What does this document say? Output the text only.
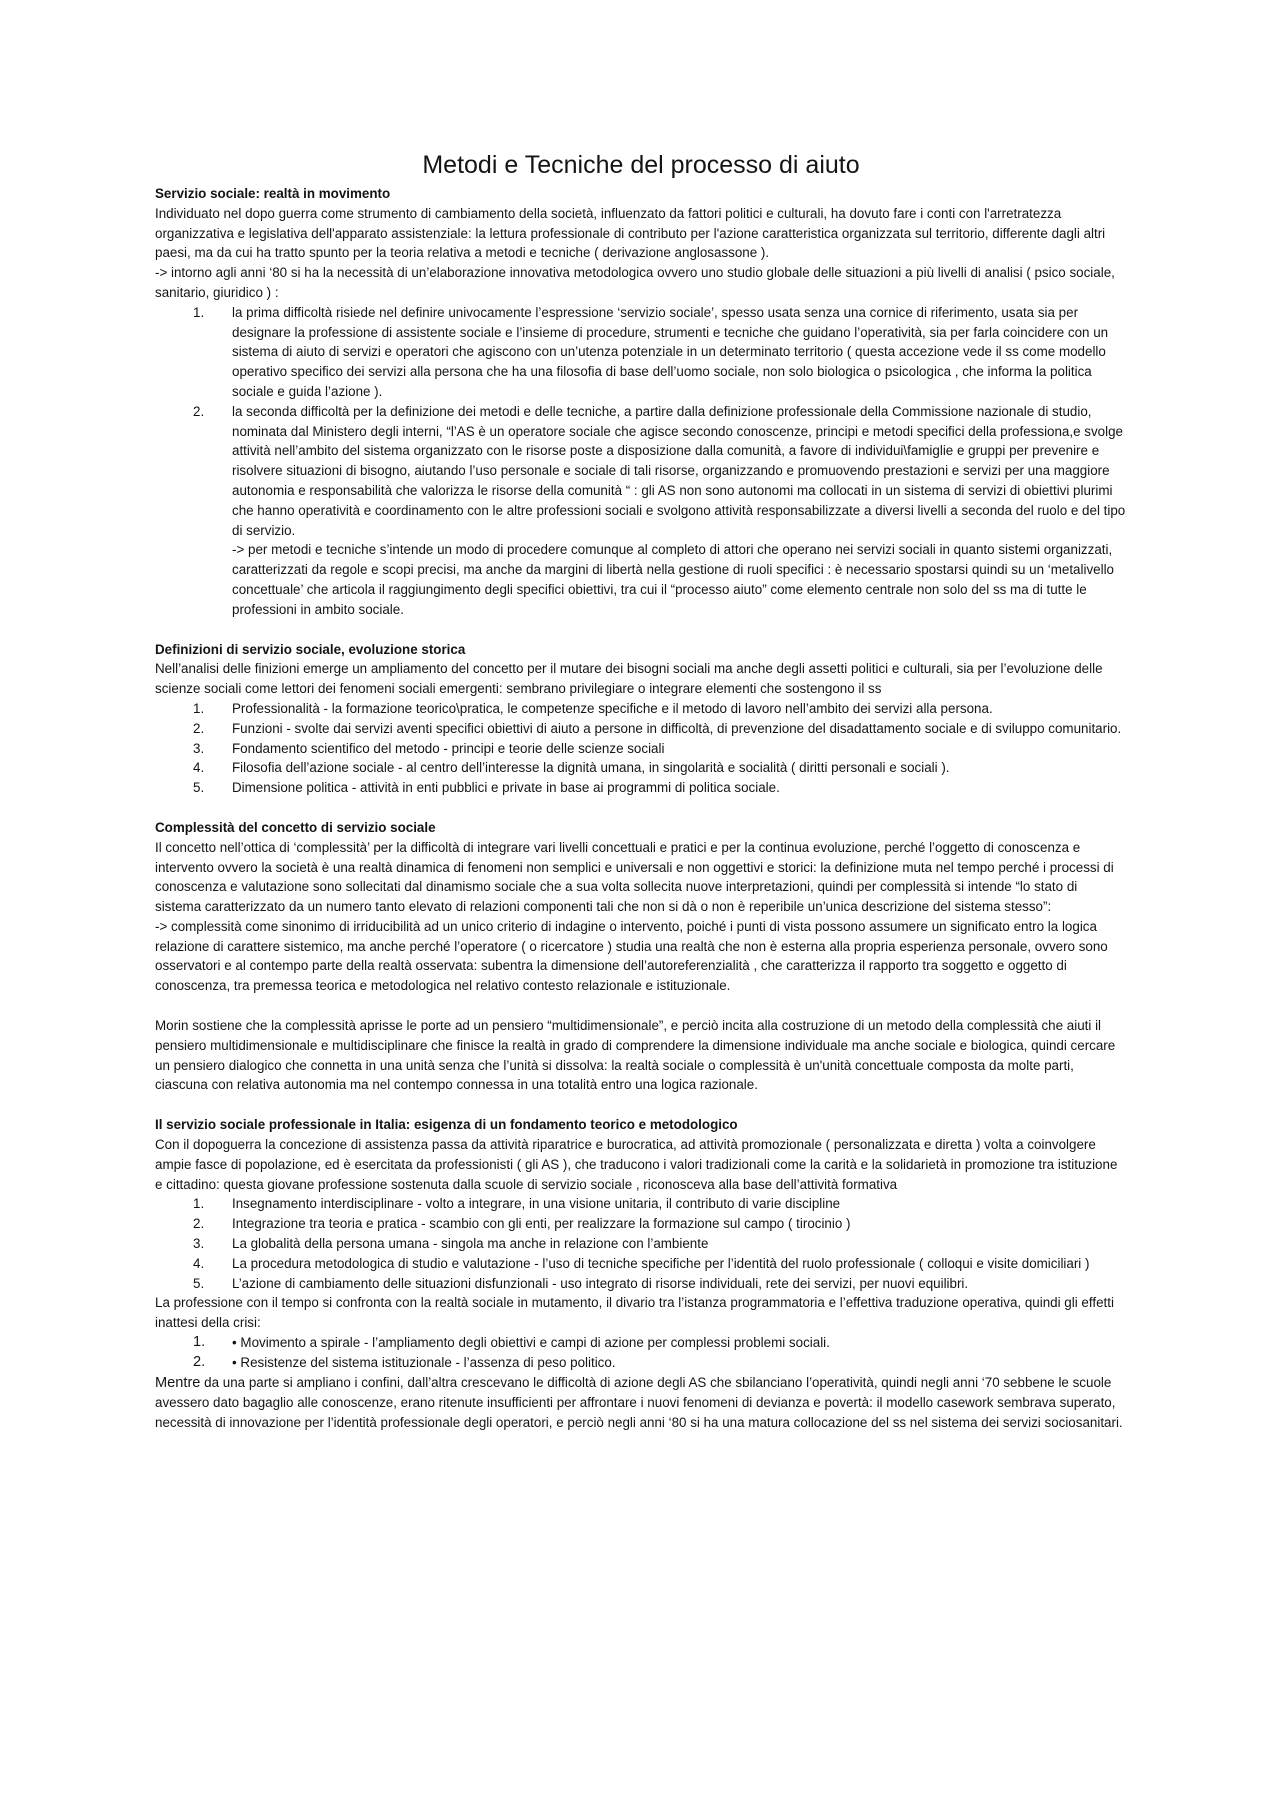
Metodi e Tecniche del processo di aiuto

Servizio sociale: realtà in movimento

Individuato nel dopo guerra come strumento di cambiamento della società, influenzato da fattori politici e culturali, ha dovuto fare i conti con l'arretratezza organizzativa e legislativa dell'apparato assistenziale: la lettura professionale di contributo per l'azione caratteristica organizzata sul territorio, differente dagli altri paesi, ma da cui ha tratto spunto per la teoria relativa a metodi e tecniche ( derivazione anglosassone ).

-> intorno agli anni ‘80 si ha la necessità di un’elaborazione innovativa metodologica ovvero uno studio globale delle situazioni a più livelli di analisi ( psico sociale, sanitario, giuridico ) :

1.	la prima difficoltà risiede nel definire univocamente l’espressione ‘servizio sociale’, spesso usata senza una cornice di riferimento, usata sia per designare la professione di assistente sociale e l’insieme di procedure, strumenti e tecniche che guidano l’operatività, sia per farla coincidere con un sistema di aiuto di servizi e operatori che agiscono con un’utenza potenziale in un determinato territorio ( questa accezione vede il ss come modello operativo specifico dei servizi alla persona che ha una filosofia di base dell’uomo sociale, non solo biologica o psicologica , che informa la politica sociale e guida l’azione ).
2.	la seconda difficoltà per la definizione dei metodi e delle tecniche, a partire dalla definizione professionale della Commissione nazionale di studio, nominata dal Ministero degli interni, “l’AS è un operatore sociale che agisce secondo conoscenze, principi e metodi specifici della professiona,e svolge attività nell’ambito del sistema organizzato con le risorse poste a disposizione dalla comunità, a favore di individui\famiglie e gruppi per prevenire e risolvere situazioni di bisogno, aiutando l’uso personale e sociale di tali risorse, organizzando e promuovendo prestazioni e servizi per una maggiore autonomia e responsabilità che valorizza le risorse della comunità “ : gli AS non sono autonomi ma collocati in un sistema di servizi di obiettivi plurimi che hanno operatività e coordinamento con le altre professioni sociali e svolgono attività responsabilizzate a diversi livelli a seconda del ruolo e del tipo di servizio.

-> per metodi e tecniche s’intende un modo di procedere comunque al completo di attori che operano nei servizi sociali in quanto sistemi organizzati, caratterizzati da regole e scopi precisi, ma anche da margini di libertà nella gestione di ruoli specifici : è necessario spostarsi quindi su un ‘metalivello concettuale’ che articola il raggiungimento degli specifici obiettivi, tra cui il “processo aiuto” come elemento centrale non solo del ss ma di tutte le professioni in ambito sociale.

Definizioni di servizio sociale, evoluzione storica

Nell’analisi delle finizioni emerge un ampliamento del concetto per il mutare dei bisogni sociali ma anche degli assetti politici e culturali, sia per l’evoluzione delle scienze sociali come lettori dei fenomeni sociali emergenti: sembrano privilegiare o integrare elementi che sostengono il ss

1.	Professionalità - la formazione teorico\pratica, le competenze specifiche e il metodo di lavoro nell’ambito dei servizi alla persona.
2.	Funzioni - svolte dai servizi aventi specifici obiettivi di aiuto a persone in difficoltà, di prevenzione del disadattamento sociale e di sviluppo comunitario.
3.	Fondamento scientifico del metodo - principi e teorie delle scienze sociali
4.	Filosofia dell’azione sociale - al centro dell’interesse la dignità umana, in singolarità e socialità ( diritti personali e sociali ).
5.	Dimensione politica - attività in enti pubblici e private in base ai programmi di politica sociale.

Complessità del concetto di servizio sociale

Il concetto nell’ottica di ‘complessità’ per la difficoltà di integrare vari livelli concettuali e pratici e per la continua evoluzione, perché l’oggetto di conoscenza e intervento ovvero la società è una realtà dinamica di fenomeni non semplici e universali e non oggettivi e storici: la definizione muta nel tempo perché i processi di conoscenza e valutazione sono sollecitati dal dinamismo sociale che a sua volta sollecita nuove interpretazioni, quindi per complessità si intende “lo stato di sistema caratterizzato da un numero tanto elevato di relazioni componenti tali che non si dà o non è reperibile un’unica descrizione del sistema stesso”:

-> complessità come sinonimo di irriducibilità ad un unico criterio di indagine o intervento, poiché i punti di vista possono assumere un significato entro la logica relazione di carattere sistemico, ma anche perché l’operatore ( o ricercatore ) studia una realtà che non è esterna alla propria esperienza personale, ovvero sono osservatori e al contempo parte della realtà osservata: subentra la dimensione dell’autoreferenzialità , che caratterizza il rapporto tra soggetto e oggetto di conoscenza, tra premessa teorica e metodologica nel relativo contesto relazionale e istituzionale.

Morin sostiene che la complessità aprisse le porte ad un pensiero “multidimensionale”, e perciò incita alla costruzione di un metodo della complessità che aiuti il pensiero multidimensionale e multidisciplinare che finisce la realtà in grado di comprendere la dimensione individuale ma anche sociale e biologica, quindi cercare un pensiero dialogico che connetta in una unità senza che l’unità si dissolva: la realtà sociale o complessità è un'unità concettuale composta da molte parti, ciascuna con relativa autonomia ma nel contempo connessa in una totalità entro una logica razionale.

Il servizio sociale professionale in Italia: esigenza di un fondamento teorico e metodologico

Con il dopoguerra la concezione di assistenza passa da attività riparatrice e burocratica, ad attività promozionale ( personalizzata e diretta ) volta a coinvolgere ampie fasce di popolazione, ed è esercitata da professionisti ( gli AS ), che traducono i valori tradizionali come la carità e la solidarietà in promozione tra istituzione e cittadino: questa giovane professione sostenuta dalla scuole di servizio sociale , riconosceva alla base dell’attività formativa

1.	Insegnamento interdisciplinare - volto a integrare, in una visione unitaria, il contributo di varie discipline
2.	Integrazione tra teoria e pratica - scambio con gli enti, per realizzare la formazione sul campo ( tirocinio )
3.	La globalità della persona umana - singola ma anche in relazione con l’ambiente
4.	La procedura metodologica di studio e valutazione - l’uso di tecniche specifiche per l’identità del ruolo professionale ( colloqui e visite domiciliari )
5.	L’azione di cambiamento delle situazioni disfunzionali - uso integrato di risorse individuali, rete dei servizi, per nuovi equilibri.

La professione con il tempo si confronta con la realtà sociale in mutamento, il divario tra l’istanza programmatoria e l’effettiva traduzione operativa, quindi gli effetti inattesi della crisi:

1.	• Movimento a spirale - l’ampliamento degli obiettivi e campi di azione per complessi problemi sociali.
2.	• Resistenze del sistema istituzionale - l’assenza di peso politico.

Mentre da una parte si ampliano i confini, dall’altra crescevano le difficoltà di azione degli AS che sbilanciano l’operatività, quindi negli anni ‘70 sebbene le scuole avessero dato bagaglio alle conoscenze, erano ritenute insufficienti per affrontare i nuovi fenomeni di devianza e povertà: il modello casework sembrava superato, necessità di innovazione per l’identità professionale degli operatori, e perciò negli anni ‘80 si ha una matura collocazione del ss nel sistema dei servizi sociosanitari.
